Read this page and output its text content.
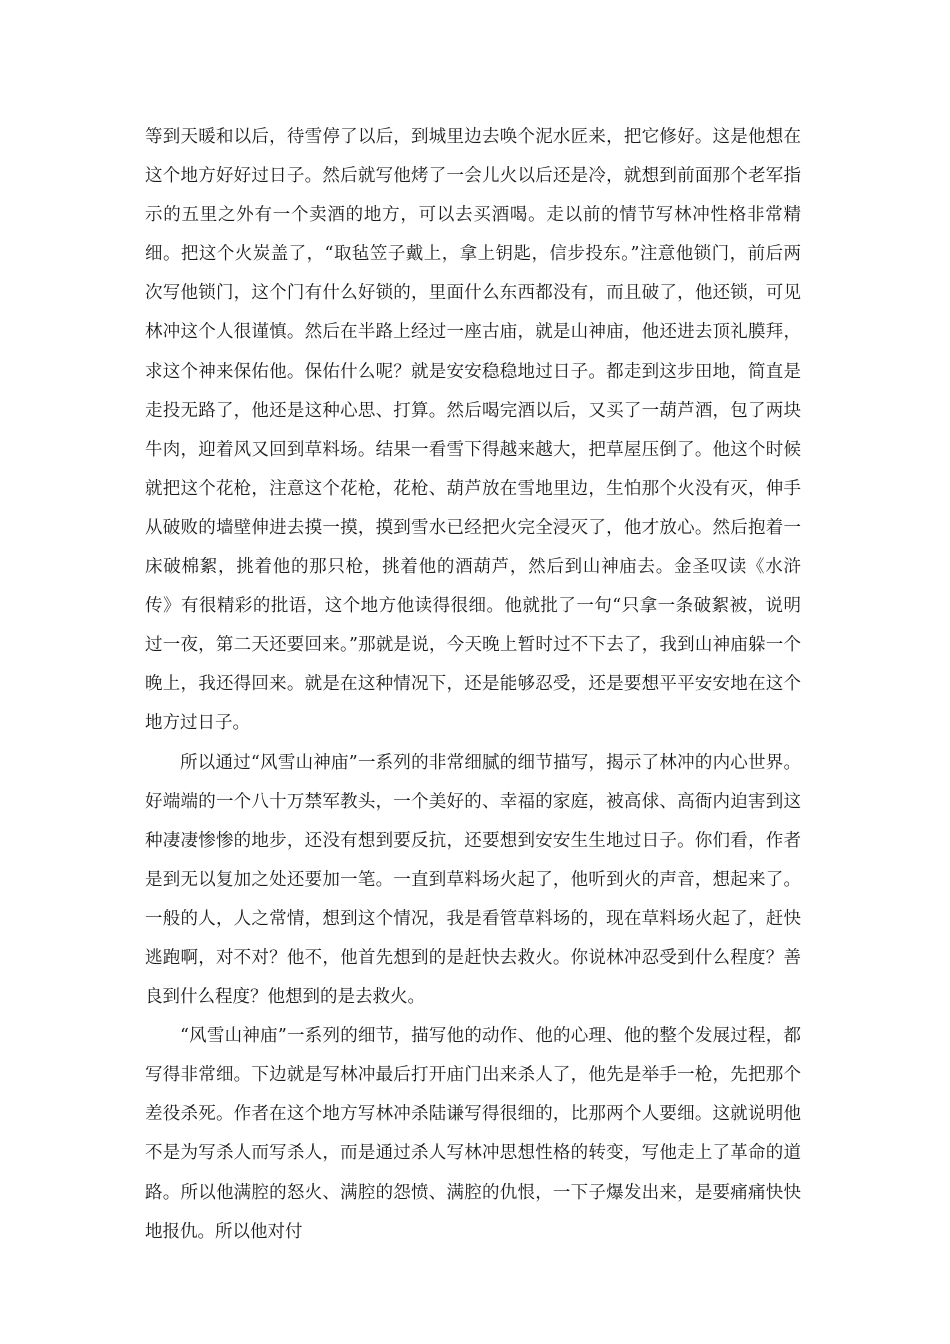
等到天暖和以后，待雪停了以后，到城里边去唤个泥水匠来，把它修好。这是他想在这个地方好好过日子。然后就写他烤了一会儿火以后还是冷，就想到前面那个老军指示的五里之外有一个卖酒的地方，可以去买酒喝。走以前的情节写林冲性格非常精细。把这个火炭盖了，“取毡笠子戴上，拿上钥匙，信步投东。”注意他锁门，前后两次写他锁门，这个门有什么好锁的，里面什么东西都没有，而且破了，他还锁，可见林冲这个人很谨慎。然后在半路上经过一座古庙，就是山神庙，他还进去顶礼膜拜，求这个神来保佑他。保佑什么呢？就是安安稳稳地过日子。都走到这步田地，简直是走投无路了，他还是这种心思、打算。然后喝完酒以后，又买了一葫芦酒，包了两块牛肉，迎着风又回到草料场。结果一看雪下得越来越大，把草屋压倒了。他这个时候就把这个花枪，注意这个花枪，花枪、葫芦放在雪地里边，生怕那个火没有灭，伸手从破败的墙壁伸进去摸一摸，摸到雪水已经把火完全浸灭了，他才放心。然后抱着一床破棉絮，挑着他的那只枪，挑着他的酒葫芦，然后到山神庙去。金圣叹读《水浒传》有很精彩的批语，这个地方他读得很细。他就批了一句“只拿一条破絮被，说明过一夜，第二天还要回来。”那就是说，今天晚上暂时过不下去了，我到山神庙躲一个晚上，我还得回来。就是在这种情况下，还是能够忍受，还是要想平平安安地在这个地方过日子。

所以通过“风雪山神庙”一系列的非常细腻的细节描写，揭示了林冲的内心世界。好端端的一个八十万禁军教头，一个美好的、幸福的家庭，被高俅、高衙内迫害到这种凄凄惨惨的地步，还没有想到要反抗，还要想到安安生生地过日子。你们看，作者是到无以复加之处还要加一笔。一直到草料场火起了，他听到火的声音，想起来了。一般的人，人之常情，想到这个情况，我是看管草料场的，现在草料场火起了，赶快逃跑啊，对不对？他不，他首先想到的是赶快去救火。你说林冲忍受到什么程度？善良到什么程度？他想到的是去救火。

“风雪山神庙”一系列的细节，描写他的动作、他的心理、他的整个发展过程，都写得非常细。下边就是写林冲最后打开庙门出来杀人了，他先是举手一枪，先把那个差役杀死。作者在这个地方写林冲杀陆谦写得很细的，比那两个人要细。这就说明他不是为写杀人而写杀人，而是通过杀人写林冲思想性格的转变，写他走上了革命的道路。所以他满腔的怒火、满腔的怨愤、满腔的仇恨，一下子爆发出来，是要痛痛快快地报仇。所以他对付
